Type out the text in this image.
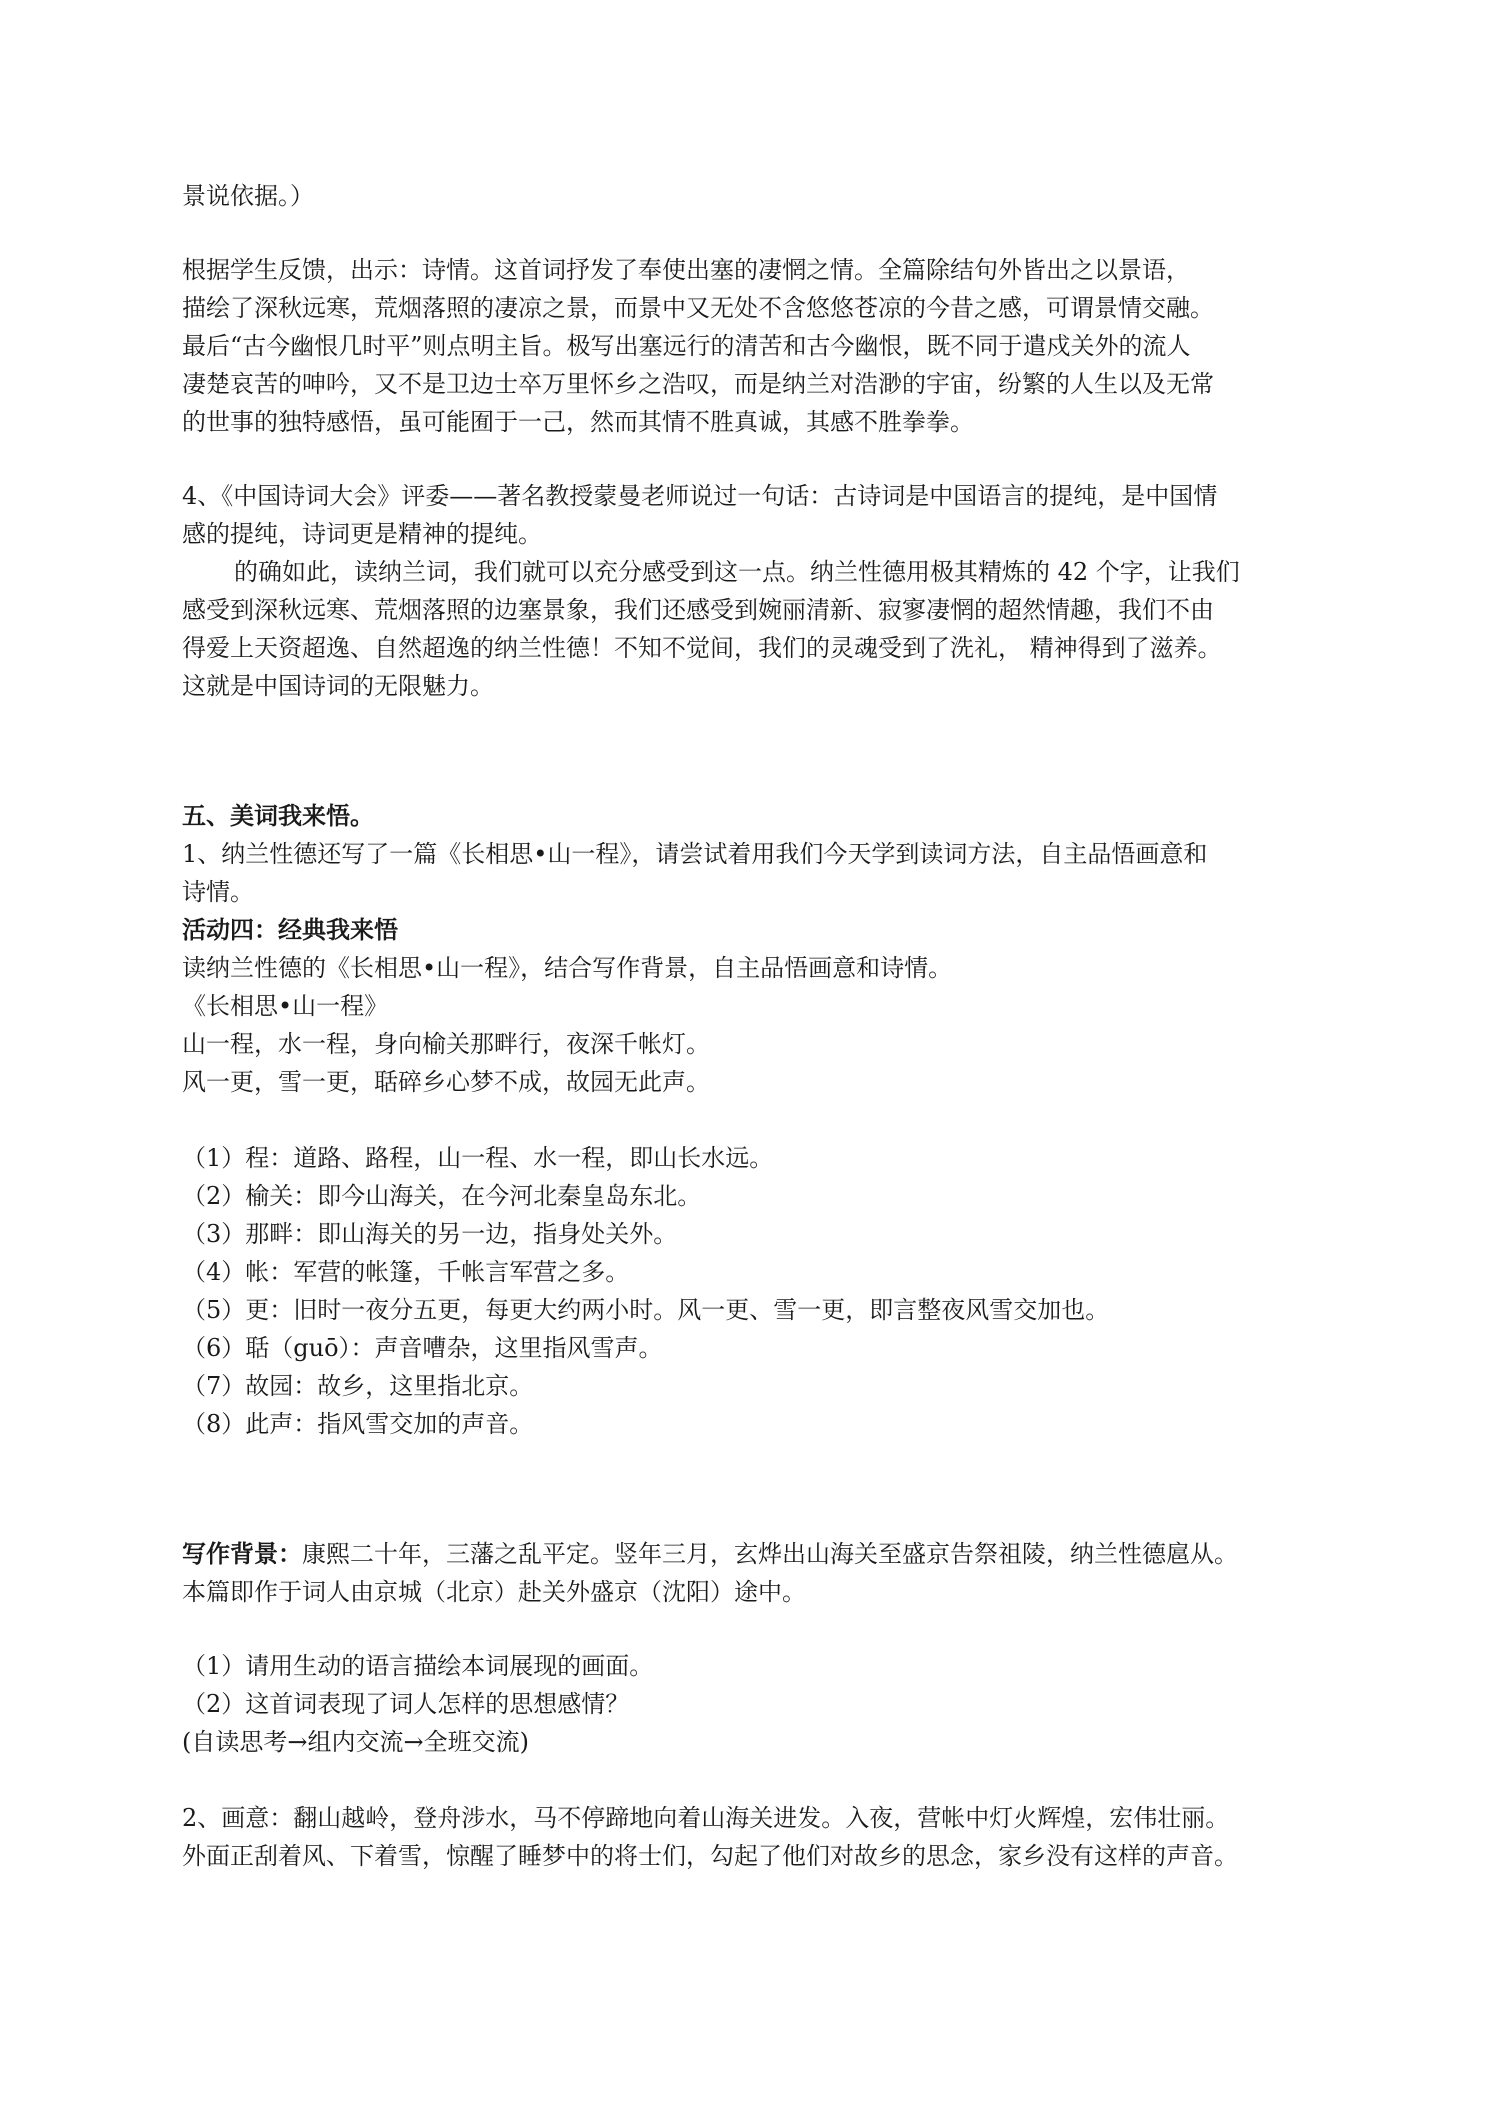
景说依据。）

根据学生反馈，出示：诗情。这首词抒发了奉使出塞的凄惘之情。全篇除结句外皆出之以景语，

描绘了深秋远寒，荒烟落照的凄凉之景，而景中又无处不含悠悠苍凉的今昔之感，可谓景情交融。

最后“古今幽恨几时平”则点明主旨。极写出塞远行的清苦和古今幽恨，既不同于遣戍关外的流人

凄楚哀苦的呻吟，又不是卫边士卒万里怀乡之浩叹，而是纳兰对浩渺的宇宙，纷繁的人生以及无常

的世事的独特感悟，虽可能囿于一己，然而其情不胜真诚，其感不胜拳拳。

4、《中国诗词大会》评委——著名教授蒙曼老师说过一句话：古诗词是中国语言的提纯，是中国情

感的提纯，诗词更是精神的提纯。

的确如此，读纳兰词，我们就可以充分感受到这一点。纳兰性德用极其精炼的 42 个字，让我们

感受到深秋远寒、荒烟落照的边塞景象，我们还感受到婉丽清新、寂寥凄惘的超然情趣，我们不由

得爱上天资超逸、自然超逸的纳兰性德！不知不觉间，我们的灵魂受到了洗礼， 精神得到了滋养。

这就是中国诗词的无限魅力。

五、美词我来悟。

1、纳兰性德还写了一篇《长相思•山一程》，请尝试着用我们今天学到读词方法，自主品悟画意和

诗情。

活动四：经典我来悟

读纳兰性德的《长相思•山一程》，结合写作背景，自主品悟画意和诗情。

《长相思•山一程》

山一程，水一程，身向榆关那畔行，夜深千帐灯。

风一更，雪一更，聒碎乡心梦不成，故园无此声。

（1）程：道路、路程，山一程、水一程，即山长水远。

（2）榆关：即今山海关，在今河北秦皇岛东北。

（3）那畔：即山海关的另一边，指身处关外。

（4）帐：军营的帐篷，千帐言军营之多。

（5）更：旧时一夜分五更，每更大约两小时。风一更、雪一更，即言整夜风雪交加也。

（6）聒（guō）：声音嘈杂，这里指风雪声。

（7）故园：故乡，这里指北京。

（8）此声：指风雪交加的声音。

写作背景：康熙二十年，三藩之乱平定。竖年三月，玄烨出山海关至盛京告祭祖陵，纳兰性德扈从。

本篇即作于词人由京城（北京）赴关外盛京（沈阳）途中。

（1）请用生动的语言描绘本词展现的画面。

（2）这首词表现了词人怎样的思想感情？

(自读思考→组内交流→全班交流)

2、画意：翻山越岭，登舟涉水，马不停蹄地向着山海关进发。入夜，营帐中灯火辉煌，宏伟壮丽。

外面正刮着风、下着雪，惊醒了睡梦中的将士们，勾起了他们对故乡的思念，家乡没有这样的声音。
